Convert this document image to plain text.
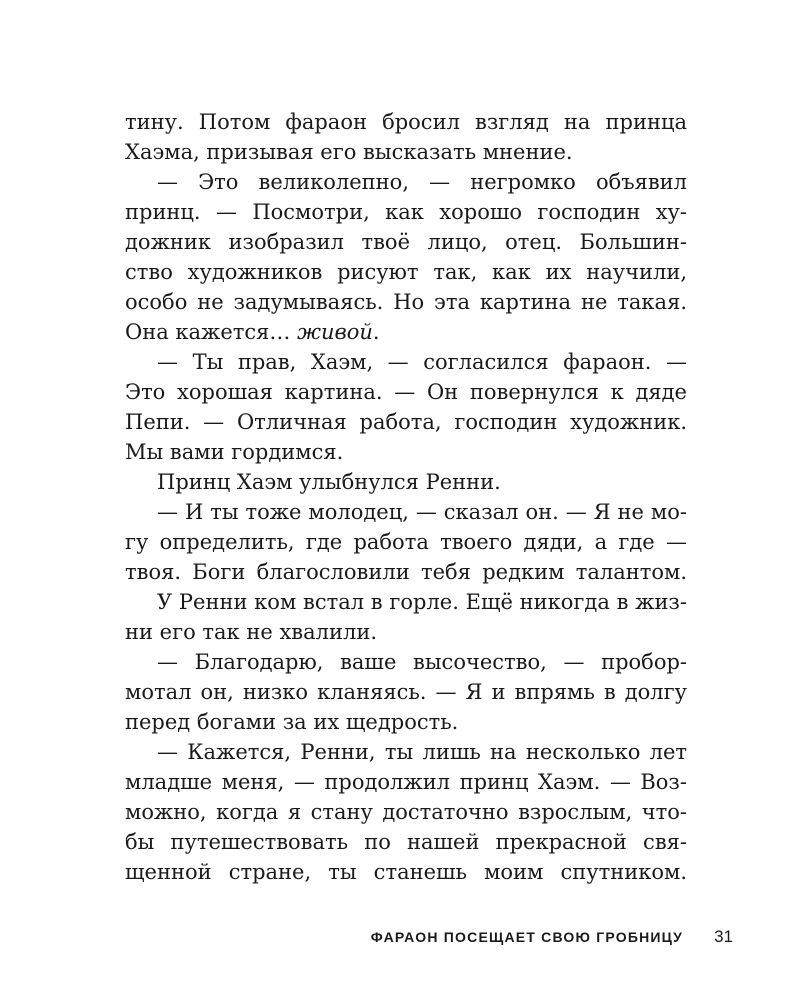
тину. Потом фараон бросил взгляд на принца
Хаэма, призывая его высказать мнение.
— Это великолепно, — негромко объявил
принц. — Посмотри, как хорошо господин ху-
дожник изобразил твоё лицо, отец. Большин-
ство художников рисуют так, как их научили,
особо не задумываясь. Но эта картина не такая.
Она кажется… живой.
— Ты прав, Хаэм, — согласился фараон. —
Это хорошая картина. — Он повернулся к дяде
Пепи. — Отличная работа, господин художник.
Мы вами гордимся.
Принц Хаэм улыбнулся Ренни.
— И ты тоже молодец, — сказал он. — Я не мо-
гу определить, где работа твоего дяди, а где —
твоя. Боги благословили тебя редким талантом.
У Ренни ком встал в горле. Ещё никогда в жиз-
ни его так не хвалили.
— Благодарю, ваше высочество, — пробор-
мотал он, низко кланяясь. — Я и впрямь в долгу
перед богами за их щедрость.
— Кажется, Ренни, ты лишь на несколько лет
младше меня, — продолжил принц Хаэм. — Воз-
можно, когда я стану достаточно взрослым, что-
бы путешествовать по нашей прекрасной свя-
щенной стране, ты станешь моим спутником.
ФАРАОН ПОСЕЩАЕТ СВОЮ ГРОБНИЦУ 31
